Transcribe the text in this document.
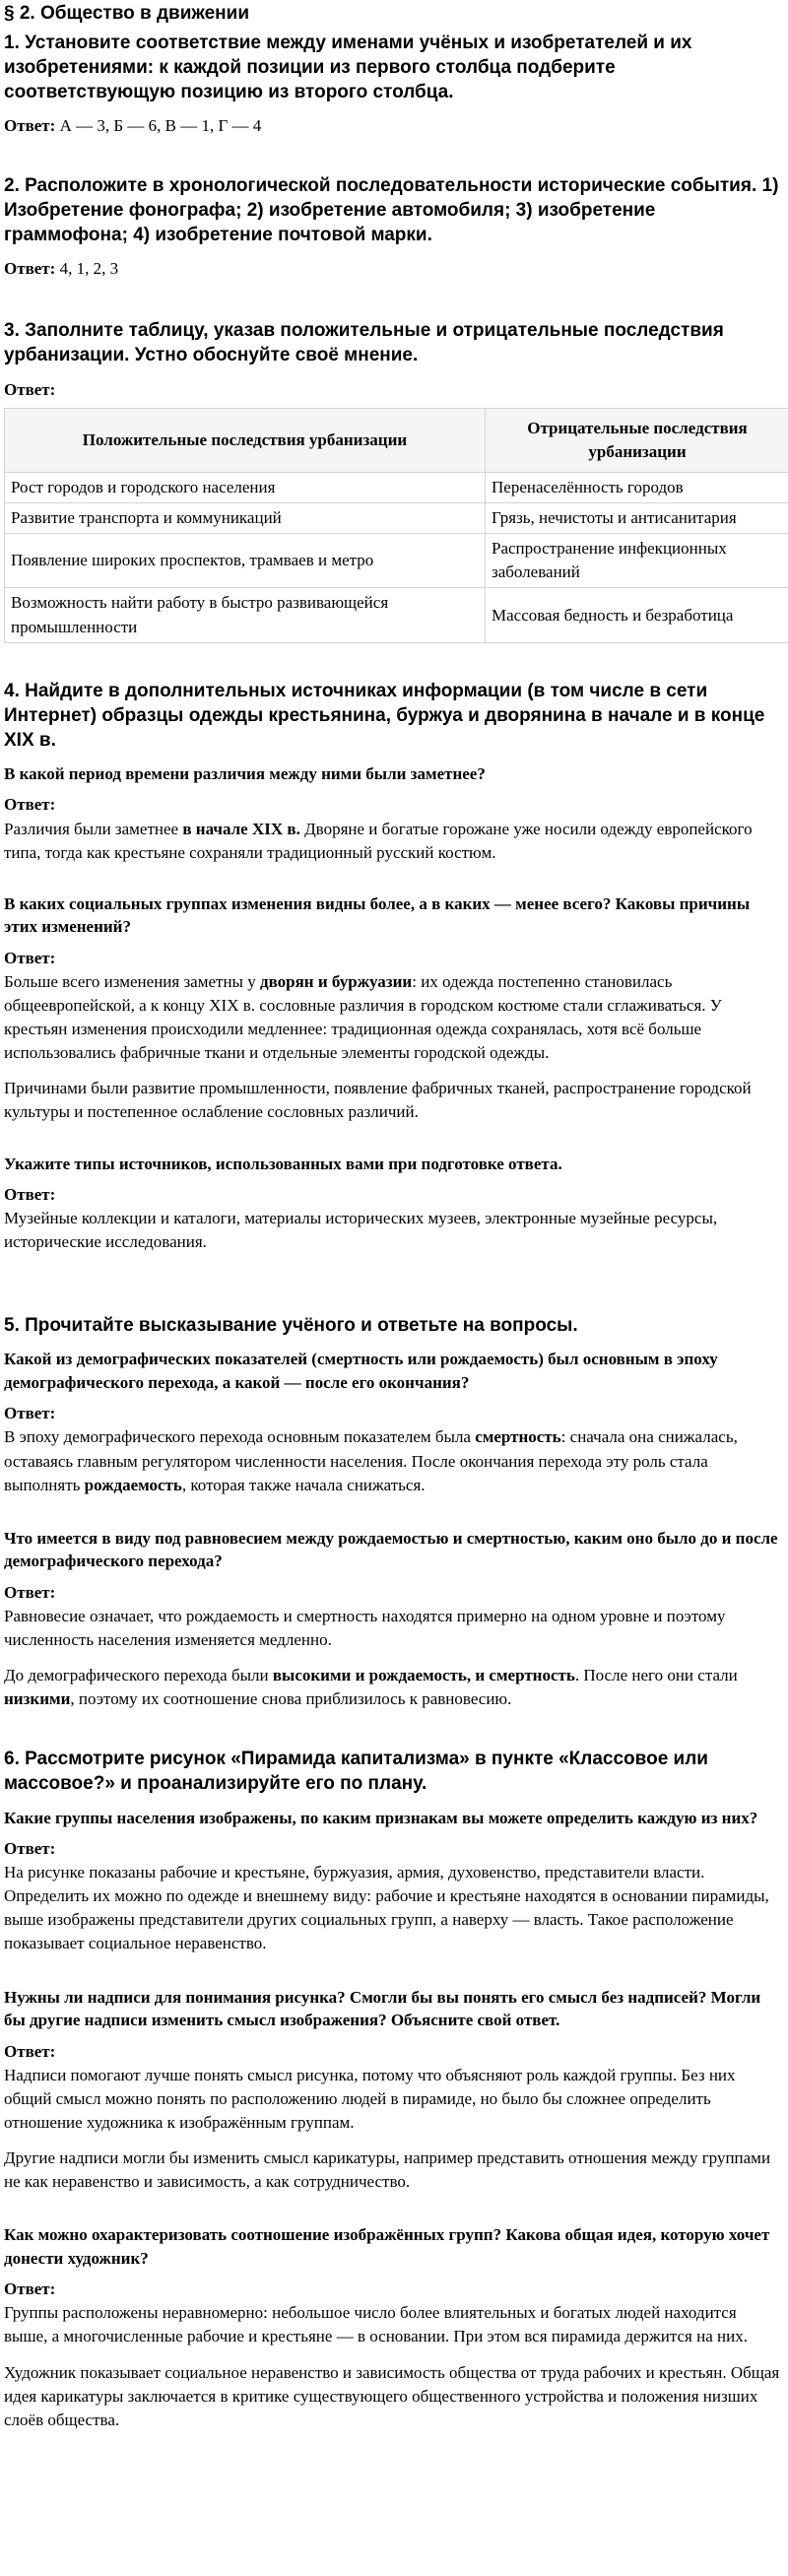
§ 2. Общество в движении
1. Установите соответствие между именами учёных и изобретателей и их изобретениями: к каждой позиции из первого столбца подберите соответствующую позицию из второго столбца.
Ответ: А — 3, Б — 6, В — 1, Г — 4
2. Расположите в хронологической последовательности исторические события. 1) Изобретение фонографа; 2) изобретение автомобиля; 3) изобретение граммофона; 4) изобретение почтовой марки.
Ответ: 4, 1, 2, 3
3. Заполните таблицу, указав положительные и отрицательные последствия урбанизации. Устно обоснуйте своё мнение.
Ответ:
Положительные последствия урбанизации	Отрицательные последствия урбанизации
Рост городов и городского населения	Перенаселённость городов
Развитие транспорта и коммуникаций	Грязь, нечистоты и антисанитария
Появление широких проспектов, трамваев и метро	Распространение инфекционных заболеваний
Возможность найти работу в быстро развивающейся промышленности	Массовая бедность и безработица
4. Найдите в дополнительных источниках информации (в том числе в сети Интернет) образцы одежды крестьянина, буржуа и дворянина в начале и в конце XIX в.
В какой период времени различия между ними были заметнее?
Ответ:
Различия были заметнее в начале XIX в. Дворяне и богатые горожане уже носили одежду европейского типа, тогда как крестьяне сохраняли традиционный русский костюм.
В каких социальных группах изменения видны более, а в каких — менее всего? Каковы причины этих изменений?
Ответ:
Больше всего изменения заметны у дворян и буржуазии: их одежда постепенно становилась общеевропейской, а к концу XIX в. сословные различия в городском костюме стали сглаживаться. У крестьян изменения происходили медленнее: традиционная одежда сохранялась, хотя всё больше использовались фабричные ткани и отдельные элементы городской одежды.
Причинами были развитие промышленности, появление фабричных тканей, распространение городской культуры и постепенное ослабление сословных различий.
Укажите типы источников, использованных вами при подготовке ответа.
Ответ:
Музейные коллекции и каталоги, материалы исторических музеев, электронные музейные ресурсы, исторические исследования.
5. Прочитайте высказывание учёного и ответьте на вопросы.
Какой из демографических показателей (смертность или рождаемость) был основным в эпоху демографического перехода, а какой — после его окончания?
Ответ:
В эпоху демографического перехода основным показателем была смертность: сначала она снижалась, оставаясь главным регулятором численности населения. После окончания перехода эту роль стала выполнять рождаемость, которая также начала снижаться.
Что имеется в виду под равновесием между рождаемостью и смертностью, каким оно было до и после демографического перехода?
Ответ:
Равновесие означает, что рождаемость и смертность находятся примерно на одном уровне и поэтому численность населения изменяется медленно.
До демографического перехода были высокими и рождаемость, и смертность. После него они стали низкими, поэтому их соотношение снова приблизилось к равновесию.
6. Рассмотрите рисунок «Пирамида капитализма» в пункте «Классовое или массовое?» и проанализируйте его по плану.
Какие группы населения изображены, по каким признакам вы можете определить каждую из них?
Ответ:
На рисунке показаны рабочие и крестьяне, буржуазия, армия, духовенство, представители власти. Определить их можно по одежде и внешнему виду: рабочие и крестьяне находятся в основании пирамиды, выше изображены представители других социальных групп, а наверху — власть. Такое расположение показывает социальное неравенство.
Нужны ли надписи для понимания рисунка? Смогли бы вы понять его смысл без надписей? Могли бы другие надписи изменить смысл изображения? Объясните свой ответ.
Ответ:
Надписи помогают лучше понять смысл рисунка, потому что объясняют роль каждой группы. Без них общий смысл можно понять по расположению людей в пирамиде, но было бы сложнее определить отношение художника к изображённым группам.
Другие надписи могли бы изменить смысл карикатуры, например представить отношения между группами не как неравенство и зависимость, а как сотрудничество.
Как можно охарактеризовать соотношение изображённых групп? Какова общая идея, которую хочет донести художник?
Ответ:
Группы расположены неравномерно: небольшое число более влиятельных и богатых людей находится выше, а многочисленные рабочие и крестьяне — в основании. При этом вся пирамида держится на них.
Художник показывает социальное неравенство и зависимость общества от труда рабочих и крестьян. Общая идея карикатуры заключается в критике существующего общественного устройства и положения низших слоёв общества.
